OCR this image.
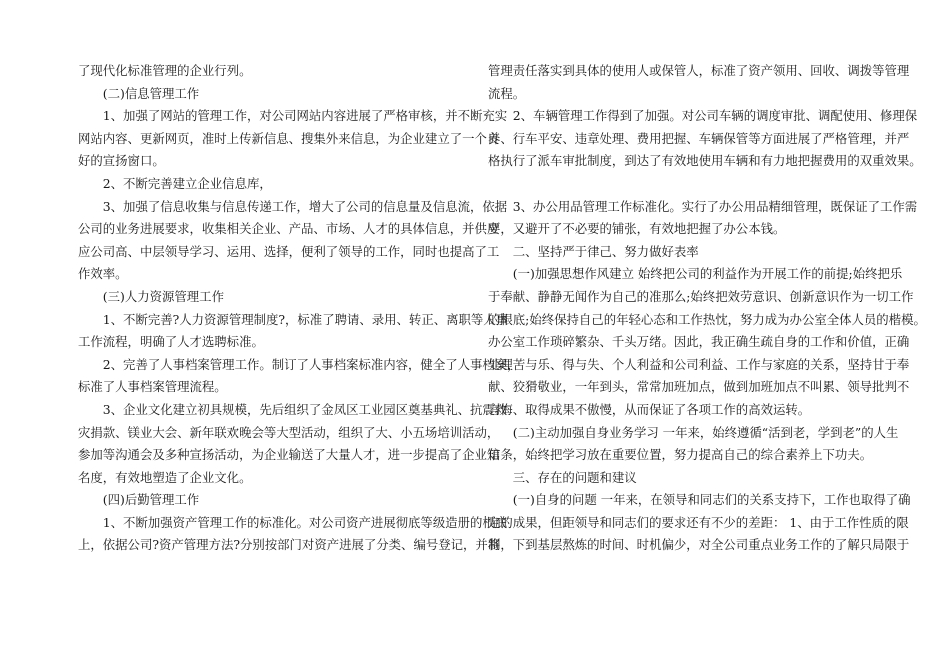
了现代化标准管理的企业行列。
　　(二)信息管理工作
　　1、加强了网站的管理工作，对公司网站内容进展了严格审核，并不断充实
网站内容、更新网页，准时上传新信息、搜集外来信息，为企业建立了一个良
好的宣扬窗口。
　　2、不断完善建立企业信息库，
　　3、加强了信息收集与信息传递工作，增大了公司的信息量及信息流，依据
公司的业务进展要求，收集相关企业、产品、市场、人才的具体信息，并供应
应公司高、中层领导学习、运用、选择，便利了领导的工作，同时也提高了工
作效率。
　　(三)人力资源管理工作
　　1、不断完善?人力资源管理制度?，标准了聘请、录用、转正、离职等人事
工作流程，明确了人才选聘标准。
　　2、完善了人事档案管理工作。制订了人事档案标准内容，健全了人事档案，
标准了人事档案管理流程。
　　3、企业文化建立初具规模，先后组织了金凤区工业园区奠基典礼、抗震救
灾捐款、镁业大会、新年联欢晚会等大型活动，组织了大、小五场培训活动，
参加等沟通会及多种宣扬活动，为企业输送了大量人才，进一步提高了企业知
名度，有效地塑造了企业文化。
　　(四)后勤管理工作
　　1、不断加强资产管理工作的标准化。对公司资产进展彻底等级造册的根底
上，依据公司?资产管理方法?分别按部门对资产进展了分类、编号登记，并将
管理责任落实到具体的使用人或保管人，标准了资产领用、回收、调拨等管理
流程。
　　2、车辆管理工作得到了加强。对公司车辆的调度审批、调配使用、修理保
养、行车平安、违章处理、费用把握、车辆保管等方面进展了严格管理，并严
格执行了派车审批制度，到达了有效地使用车辆和有力地把握费用的双重效果。
　　3、办公用品管理工作标准化。实行了办公用品精细管理，既保证了工作需
要，又避开了不必要的铺张，有效地把握了办公本钱。
　　二、坚持严于律己、努力做好表率
　　(一)加强思想作风建立 始终把公司的利益作为开展工作的前提;始终把乐
于奉献、静静无闻作为自己的准那么;始终把效劳意识、创新意识作为一切工作
的根底;始终保持自己的年轻心态和工作热忱，努力成为办公室全体人员的楷模。
办公室工作琐碎繁杂、千头万绪。因此，我正确生疏自身的工作和价值，正确
处理苦与乐、得与失、个人利益和公司利益、工作与家庭的关系，坚持甘于奉
献、狡猾敬业，一年到头，常常加班加点，做到加班加点不叫累、领导批判不
言悔、取得成果不傲慢，从而保证了各项工作的高效运转。
　　(二)主动加强自身业务学习 一年来，始终遵循“活到老，学到老”的人生
信条，始终把学习放在重要位置，努力提高自己的综合素养上下功夫。
　　三、存在的问题和建议
　　(一)自身的问题 一年来，在领导和同志们的关系支持下，工作也取得了确
定的成果，但距领导和同志们的要求还有不少的差距： 1、由于工作性质的限
制，下到基层熬炼的时间、时机偏少，对全公司重点业务工作的了解只局限于
